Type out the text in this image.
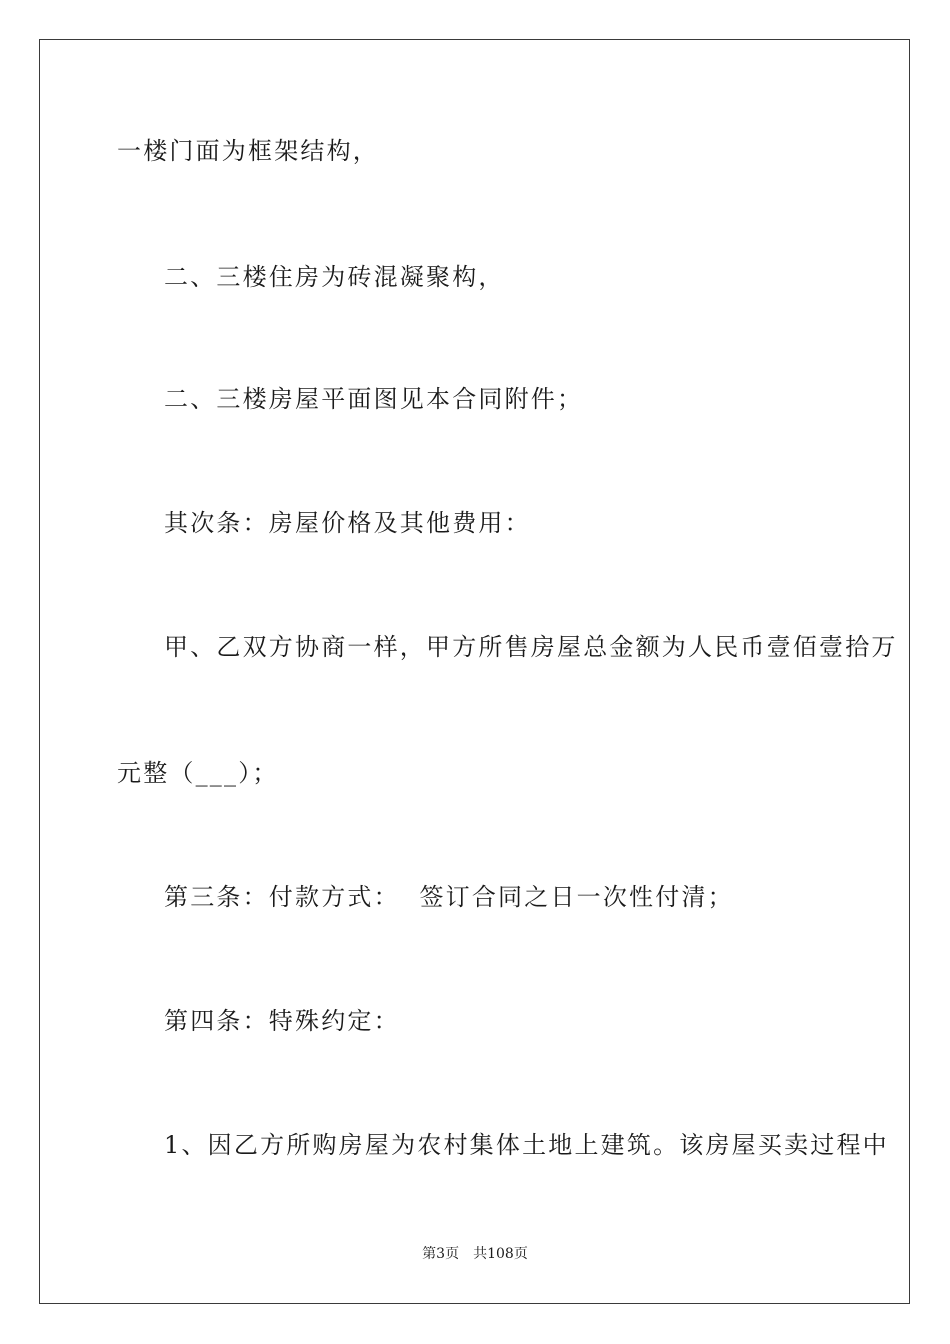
一楼门面为框架结构，
二、三楼住房为砖混凝聚构，
二、三楼房屋平面图见本合同附件；
其次条：房屋价格及其他费用：
甲、乙双方协商一样，甲方所售房屋总金额为人民币壹佰壹拾万
元整（___）；
第三条：付款方式：  签订合同之日一次性付清；
第四条：特殊约定：
1、因乙方所购房屋为农村集体土地上建筑。该房屋买卖过程中
第3页 共108页
